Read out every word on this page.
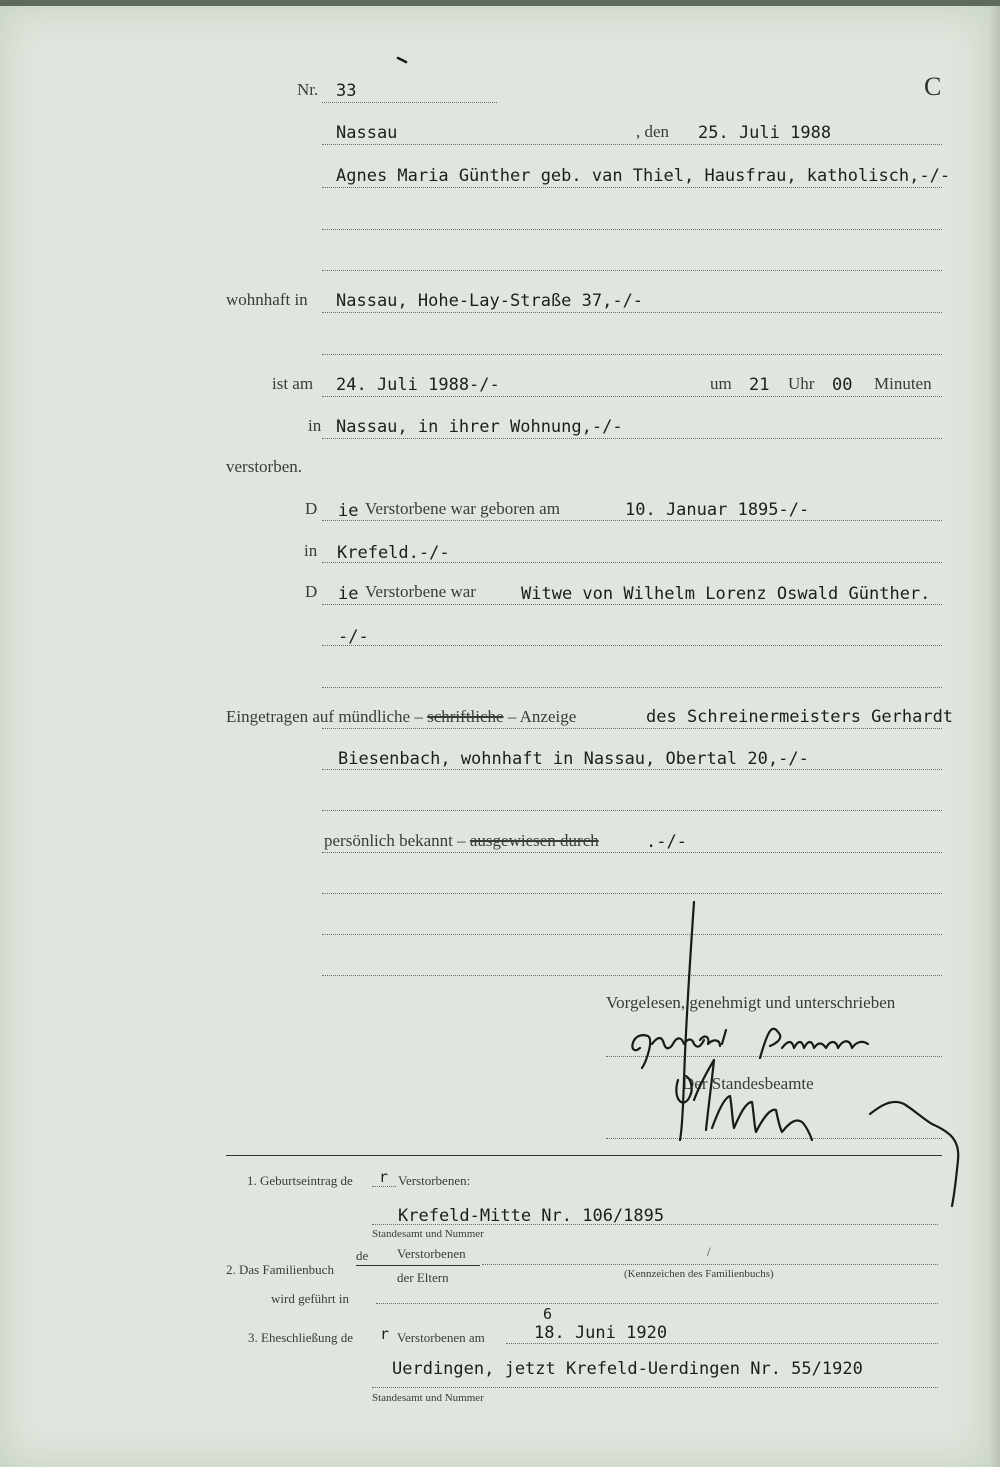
Nr. 33	C
Nassau	, den 25. Juli 1988
Agnes Maria Günther geb. van Thiel, Hausfrau, katholisch,-/-
wohnhaft in Nassau, Hohe-Lay-Straße 37,-/-
ist am 24. Juli 1988-/-	um 21 Uhr 00 Minuten
in Nassau, in ihrer Wohnung,-/-
verstorben.
D ie Verstorbene war geboren am	10. Januar 1895-/-
in Krefeld.-/-
D ie Verstorbene war	Witwe von Wilhelm Lorenz Oswald Günther.
-/-
Eingetragen auf mündliche – schriftliche – Anzeige	des Schreinermeisters Gerhardt
Biesenbach, wohnhaft in Nassau, Obertal 20,-/-
persönlich bekannt – ausgewiesen durch	.-/-
Vorgelesen, genehmigt und unterschrieben
Der Standesbeamte
1. Geburtseintrag de r Verstorbenen:
Krefeld-Mitte Nr. 106/1895
Standesamt und Nummer
2. Das Familienbuch
de Verstorbenen
der Eltern
/
(Kennzeichen des Familienbuchs)
wird geführt in
3. Eheschließung de r Verstorbenen am
6
18. Juni 1920
Uerdingen, jetzt Krefeld-Uerdingen Nr. 55/1920
Standesamt und Nummer
